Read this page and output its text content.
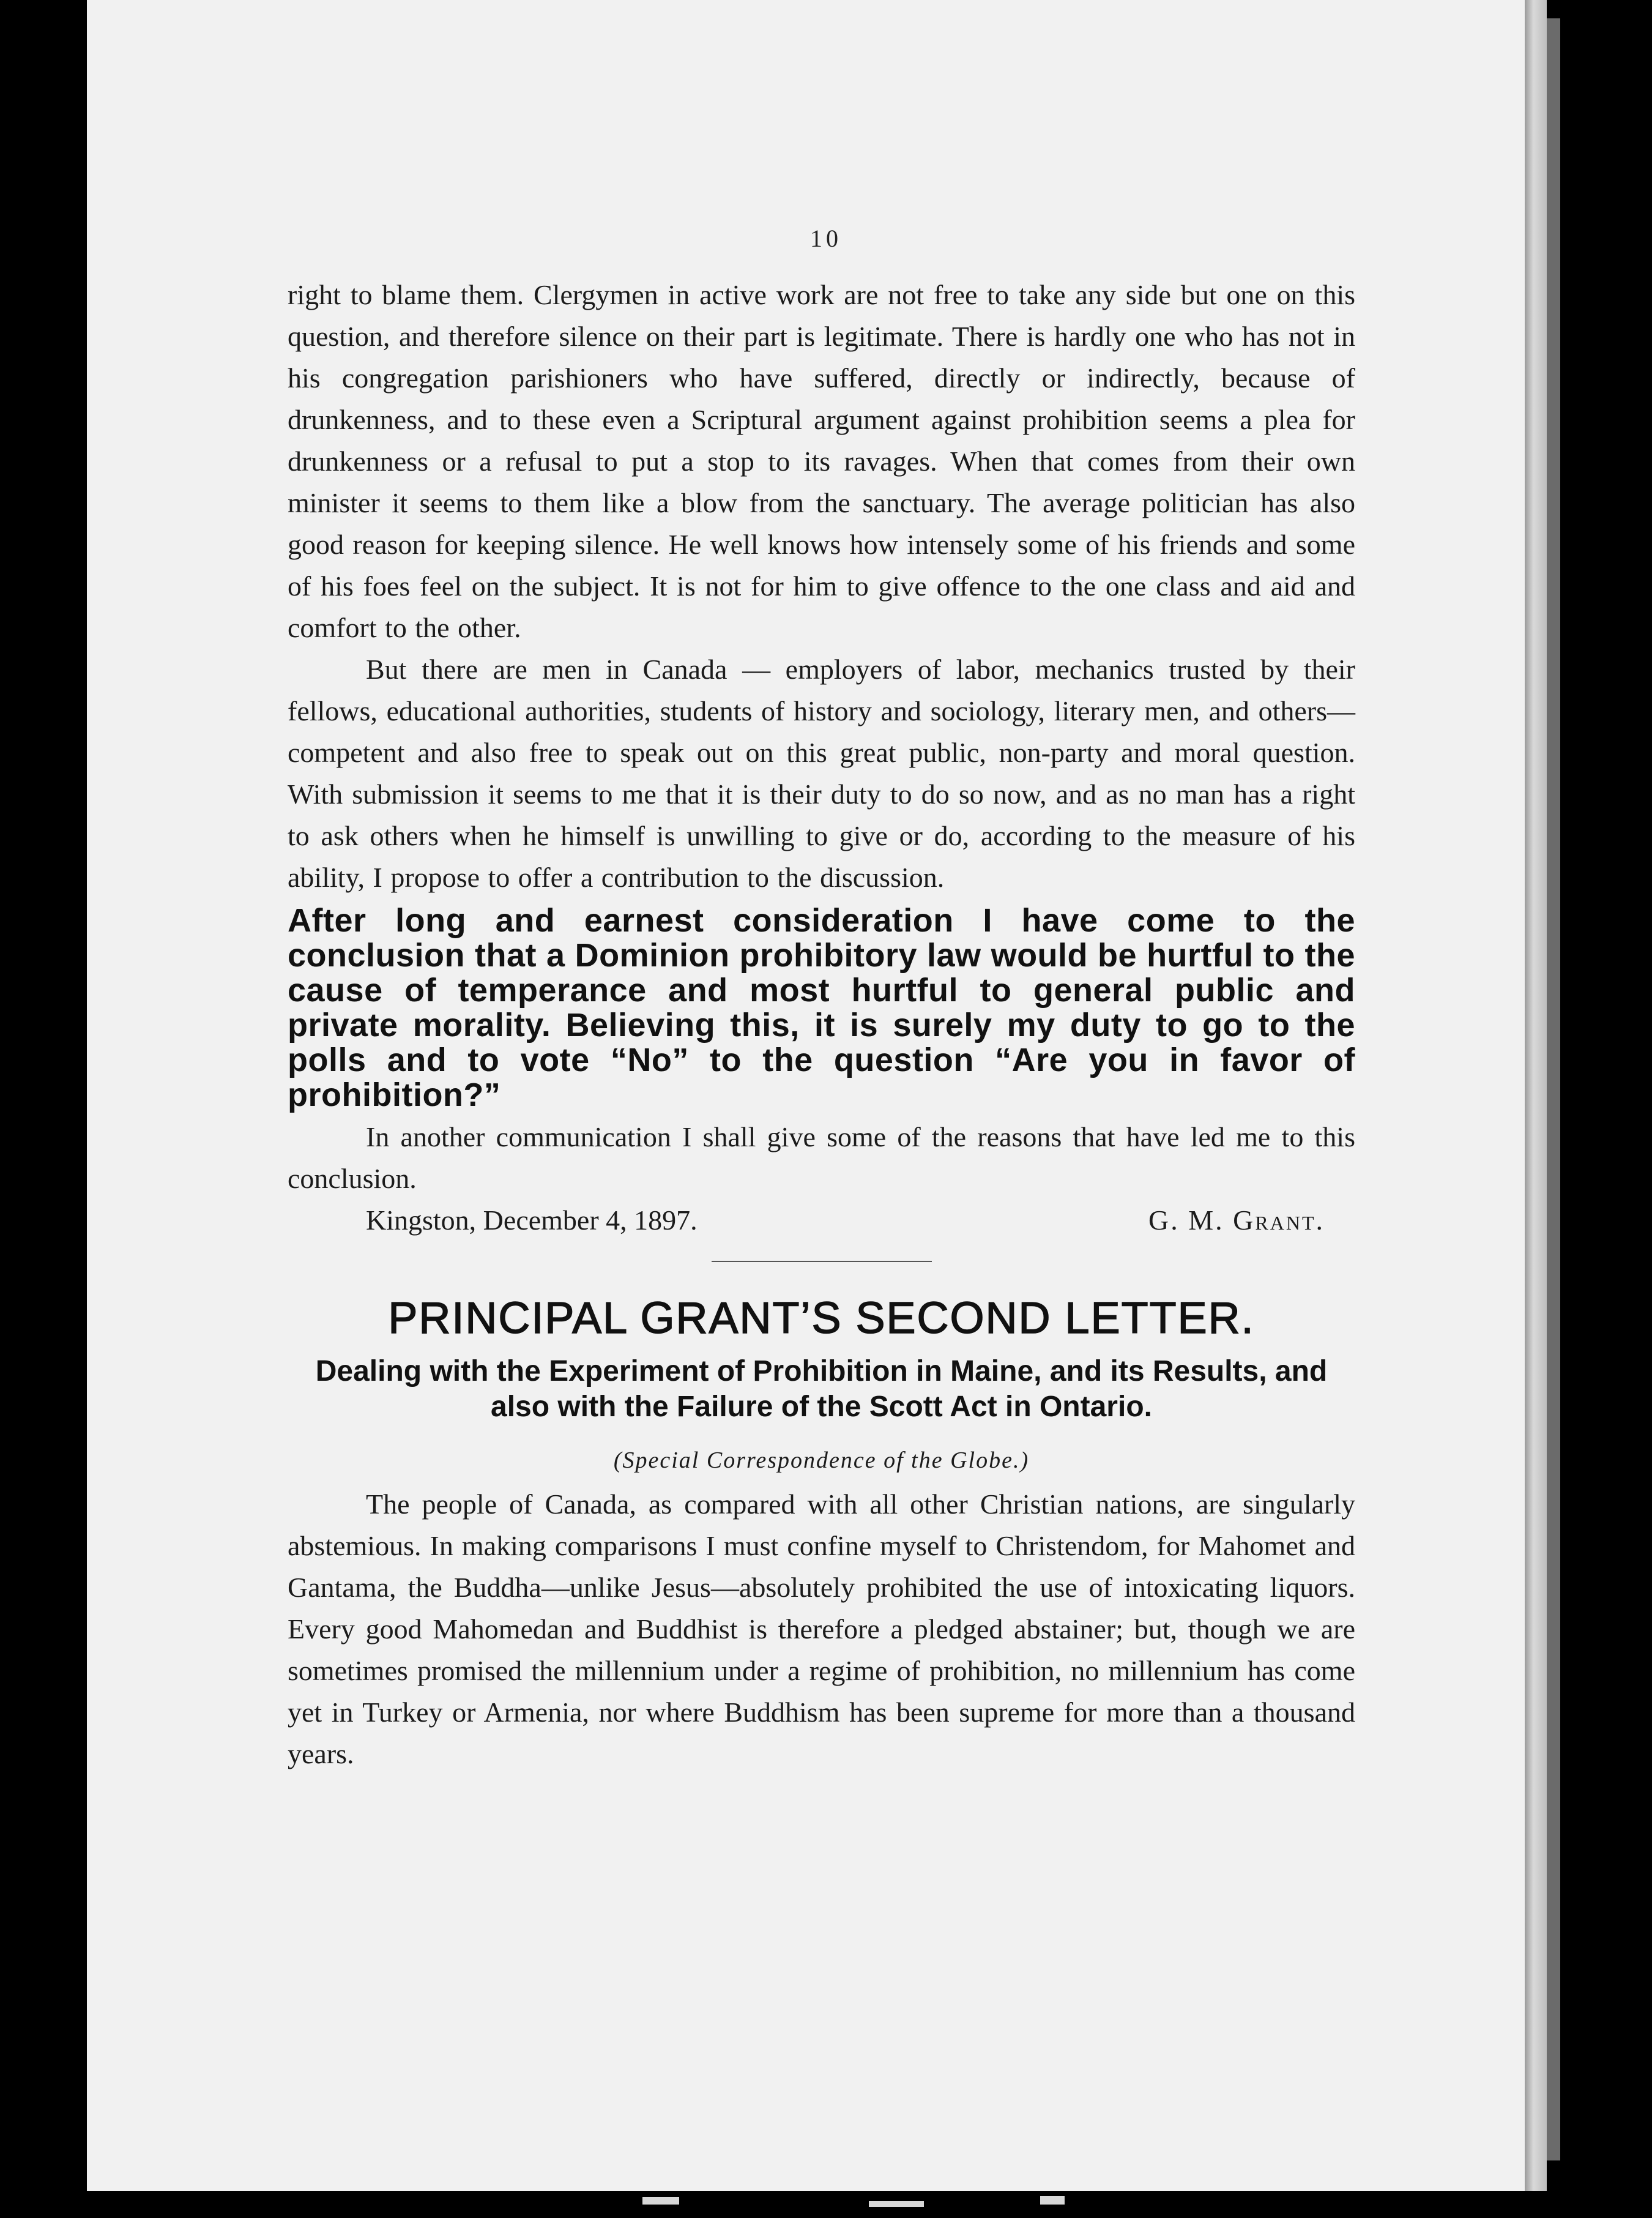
10

right to blame them. Clergymen in active work are not free to take any side but one on this question, and therefore silence on their part is legitimate. There is hardly one who has not in his congregation parishioners who have suffered, directly or indirectly, because of drunkenness, and to these even a Scriptural argument against prohibition seems a plea for drunkenness or a refusal to put a stop to its ravages. When that comes from their own minister it seems to them like a blow from the sanctuary. The average politician has also good reason for keeping silence. He well knows how intensely some of his friends and some of his foes feel on the subject. It is not for him to give offence to the one class and aid and comfort to the other.

But there are men in Canada — employers of labor, mechanics trusted by their fellows, educational authorities, students of history and sociology, literary men, and others—competent and also free to speak out on this great public, non-party and moral question. With submission it seems to me that it is their duty to do so now, and as no man has a right to ask others when he himself is unwilling to give or do, according to the measure of his ability, I propose to offer a contribution to the discussion.

After long and earnest consideration I have come to the conclusion that a Dominion prohibitory law would be hurtful to the cause of temperance and most hurtful to general public and private morality. Believing this, it is surely my duty to go to the polls and to vote “No” to the question “Are you in favor of prohibition?”

In another communication I shall give some of the reasons that have led me to this conclusion.

Kingston, December 4, 1897.	G. M. Grant.
PRINCIPAL GRANT’S SECOND LETTER.
Dealing with the Experiment of Prohibition in Maine, and its Results, and also with the Failure of the Scott Act in Ontario.
(Special Correspondence of the Globe.)

The people of Canada, as compared with all other Christian nations, are singularly abstemious. In making comparisons I must confine myself to Christendom, for Mahomet and Gantama, the Buddha—unlike Jesus—absolutely prohibited the use of intoxicating liquors. Every good Mahomedan and Buddhist is therefore a pledged abstainer; but, though we are sometimes promised the millennium under a regime of prohibition, no millennium has come yet in Turkey or Armenia, nor where Buddhism has been supreme for more than a thousand years.
